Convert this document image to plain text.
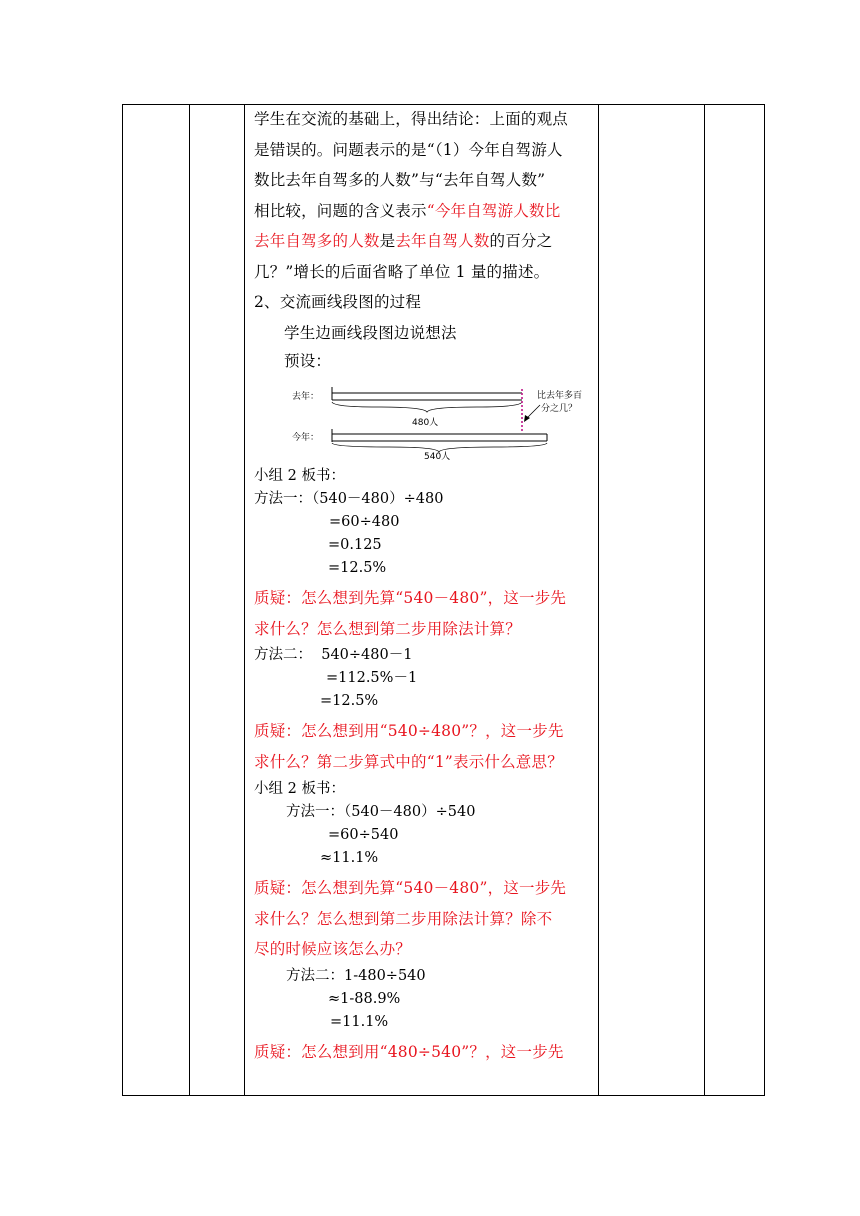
学生在交流的基础上，得出结论：上面的观点

是错误的。问题表示的是“（1）今年自驾游人

数比去年自驾多的人数”与“去年自驾人数”

相比较，问题的含义表示“今年自驾游人数比

去年自驾多的人数是去年自驾人数的百分之

几？”增长的后面省略了单位 1 量的描述。

2、交流画线段图的过程

学生边画线段图边说想法

预设：

去年：
480人
比去年多百
分之几？
今年：
540人

小组 2 板书：

方法一：（540－480）÷480

=60÷480

=0.125

=12.5%

质疑：怎么想到先算“540－480”，这一步先

求什么？怎么想到第二步用除法计算？

方法二：  540÷480－1

=112.5%－1

=12.5%

质疑：怎么想到用“540÷480”？，这一步先

求什么？第二步算式中的“1”表示什么意思？

小组 2 板书：

方法一：（540－480）÷540

=60÷540

≈11.1%

质疑：怎么想到先算“540－480”，这一步先

求什么？怎么想到第二步用除法计算？除不

尽的时候应该怎么办？

方法二：1-480÷540

≈1-88.9%

=11.1%

质疑：怎么想到用“480÷540”？，这一步先
